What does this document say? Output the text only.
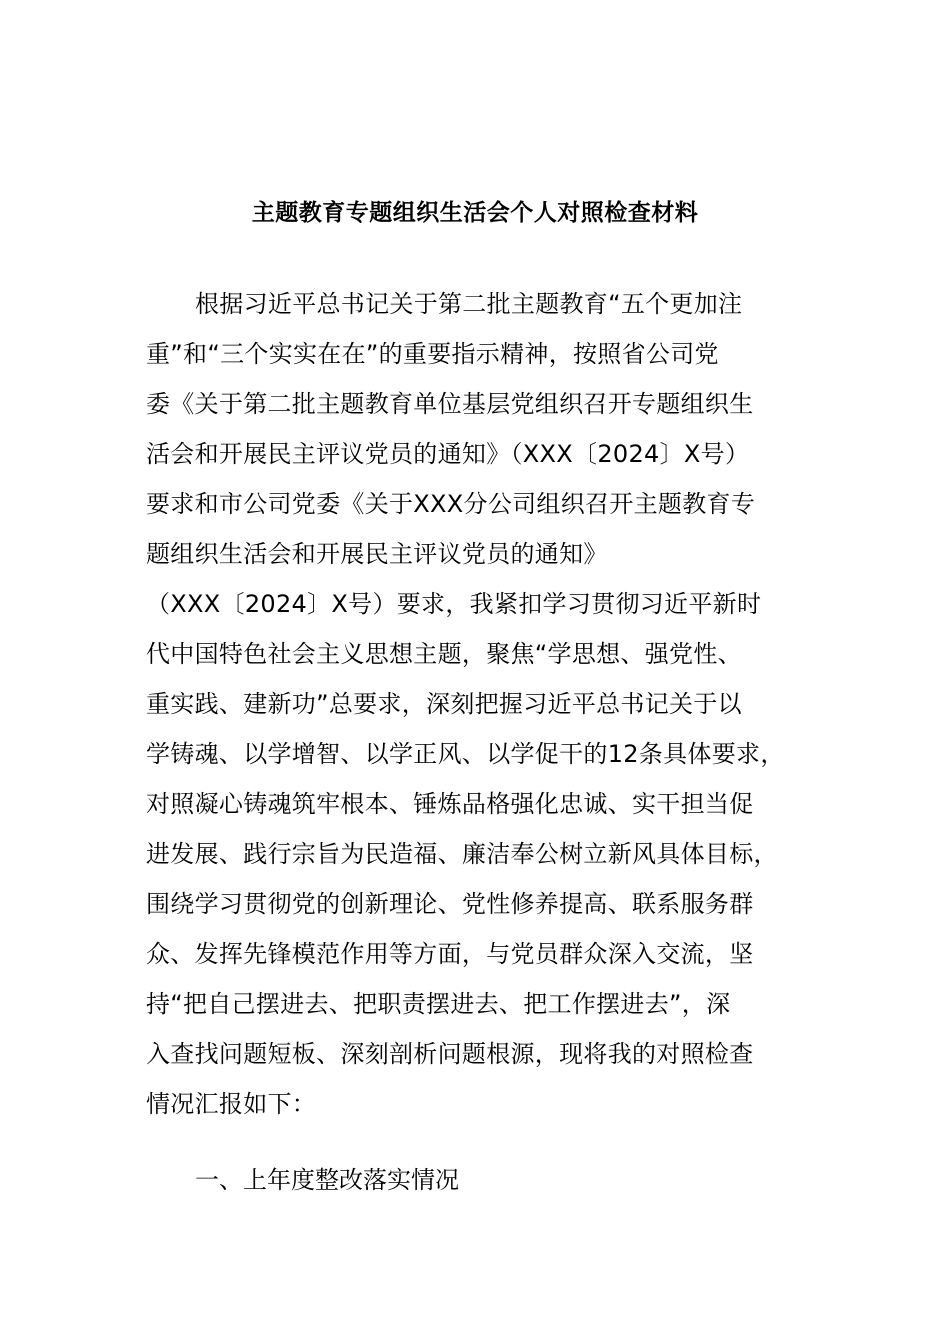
主题教育专题组织生活会个人对照检查材料
根据习近平总书记关于第二批主题教育“五个更加注
重”和“三个实实在在”的重要指示精神，按照省公司党
委《关于第二批主题教育单位基层党组织召开专题组织生
活会和开展民主评议党员的通知》（XXX〔2024〕X号）
要求和市公司党委《关于XXX分公司组织召开主题教育专
题组织生活会和开展民主评议党员的通知》
（XXX〔2024〕X号）要求，我紧扣学习贯彻习近平新时
代中国特色社会主义思想主题，聚焦“学思想、强党性、
重实践、建新功”总要求，深刻把握习近平总书记关于以
学铸魂、以学增智、以学正风、以学促干的12条具体要求，
对照凝心铸魂筑牢根本、锤炼品格强化忠诚、实干担当促
进发展、践行宗旨为民造福、廉洁奉公树立新风具体目标，
围绕学习贯彻党的创新理论、党性修养提高、联系服务群
众、发挥先锋模范作用等方面，与党员群众深入交流，坚
持“把自己摆进去、把职责摆进去、把工作摆进去”，深
入查找问题短板、深刻剖析问题根源，现将我的对照检查
情况汇报如下：
一、上年度整改落实情况
